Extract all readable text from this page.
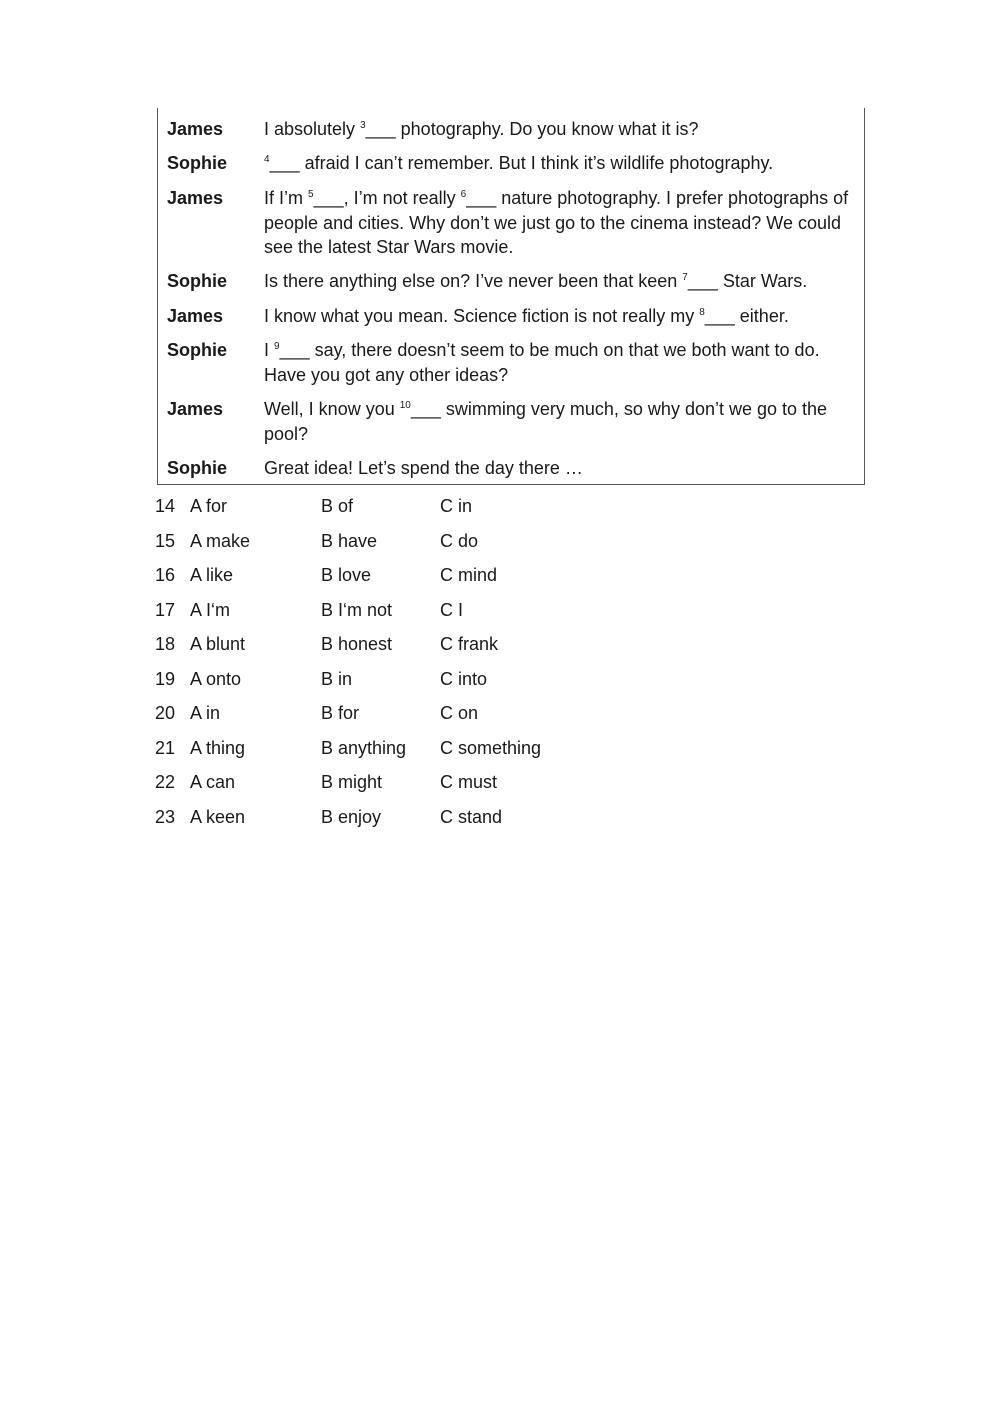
James I absolutely $^3$___ photography. Do you know what it is?
Sophie	$^4$___ afraid I can’t remember. But I think it’s wildlife photography.
James If I’m $^5$___, I’m not really $^6$___ nature photography. I prefer photographs of people and cities. Why don’t we just go to the cinema instead? We could see the latest Star Wars movie.
Sophie Is there anything else on? I’ve never been that keen $^7$___ Star Wars.
James I know what you mean. Science fiction is not really my $^8$___ either.
Sophie I $^9$___ say, there doesn’t seem to be much on that we both want to do. Have you got any other ideas?
James Well, I know you $^{10}$___ swimming very much, so why don’t we go to the pool?
Sophie Great idea! Let’s spend the day there …
14 A for	B of	C in
15 A make	B have	C do
16 A like	B love	C mind
17 A I‘m	B I‘m not	C I
18 A blunt	B honest	C frank
19 A onto	B in	C into
20 A in	B for	C on
21 A thing	B anything C something
22 A can	B might	C must
23 A keen	B enjoy	C stand
